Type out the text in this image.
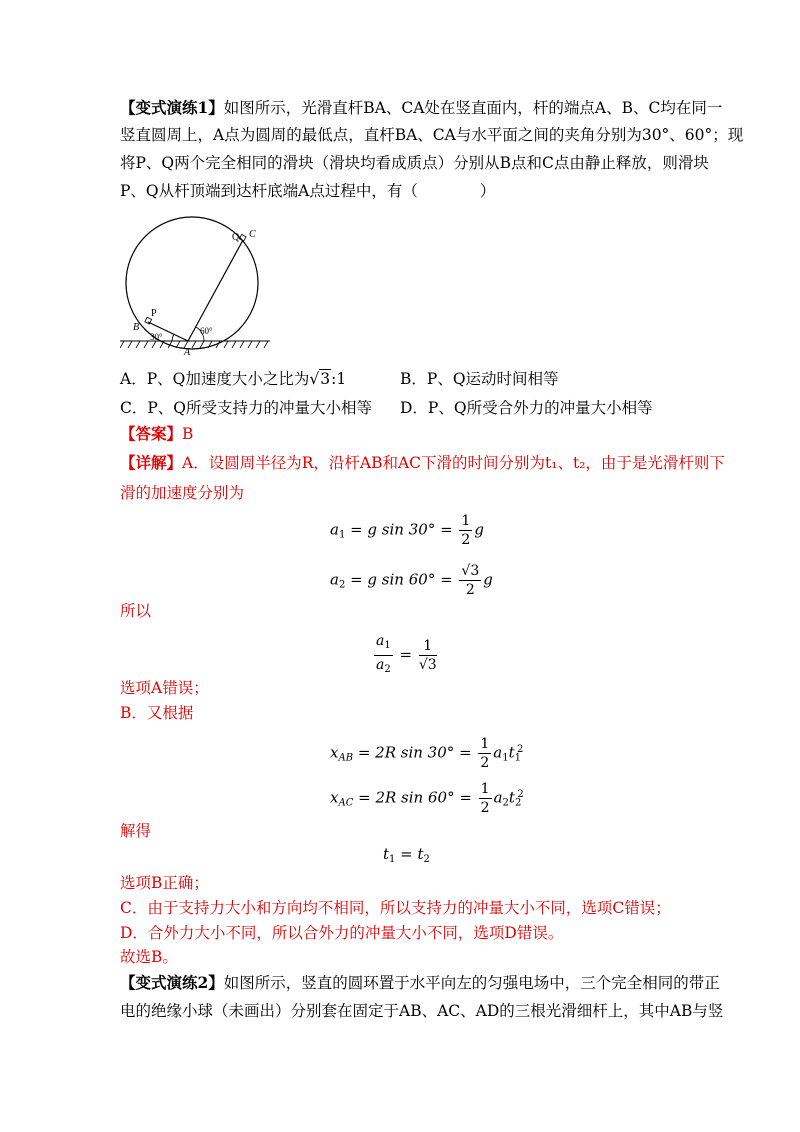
【变式演练1】如图所示，光滑直杆BA、CA处在竖直面内，杆的端点A、B、C均在同一
竖直圆周上，A点为圆周的最低点，直杆BA、CA与水平面之间的夹角分别为30°、60°；现
将P、Q两个完全相同的滑块（滑块均看成质点）分别从B点和C点由静止释放，则滑块
P、Q从杆顶端到达杆底端A点过程中，有（　　　　）
Q C
P
B
A
30°
60°
A．P、Q加速度大小之比为√3:1	B．P、Q运动时间相等
C．P、Q所受支持力的冲量大小相等 D．P、Q所受合外力的冲量大小相等
【答案】B
【详解】A．设圆周半径为R，沿杆AB和AC下滑的时间分别为t₁、t₂，由于是光滑杆则下
滑的加速度分别为
$a_1 = g$ $\sin 30^\circ = \frac{1}{2}$ g
$a_2 = g$ $\sin 60^\circ = \frac{√3}{2}$ g
所以
$\frac{a_1}{a_2} = \frac{1}{√3}$
选项A错误；
B．又根据
$x_{AB} = 2R$ $\sin 30^\circ = \frac{1}{2} a_1t_1^2$
$x_{AC} = 2R$ $\sin 60^\circ = \frac{1}{2} a_2t_2^2$
解得
$t_1 = t_2$
选项B正确；
C．由于支持力大小和方向均不相同，所以支持力的冲量大小不同，选项C错误；
D．合外力大小不同，所以合外力的冲量大小不同，选项D错误。
故选B。
【变式演练2】如图所示，竖直的圆环置于水平向左的匀强电场中，三个完全相同的带正
电的绝缘小球（未画出）分别套在固定于AB、AC、AD的三根光滑细杆上，其中AB与竖
